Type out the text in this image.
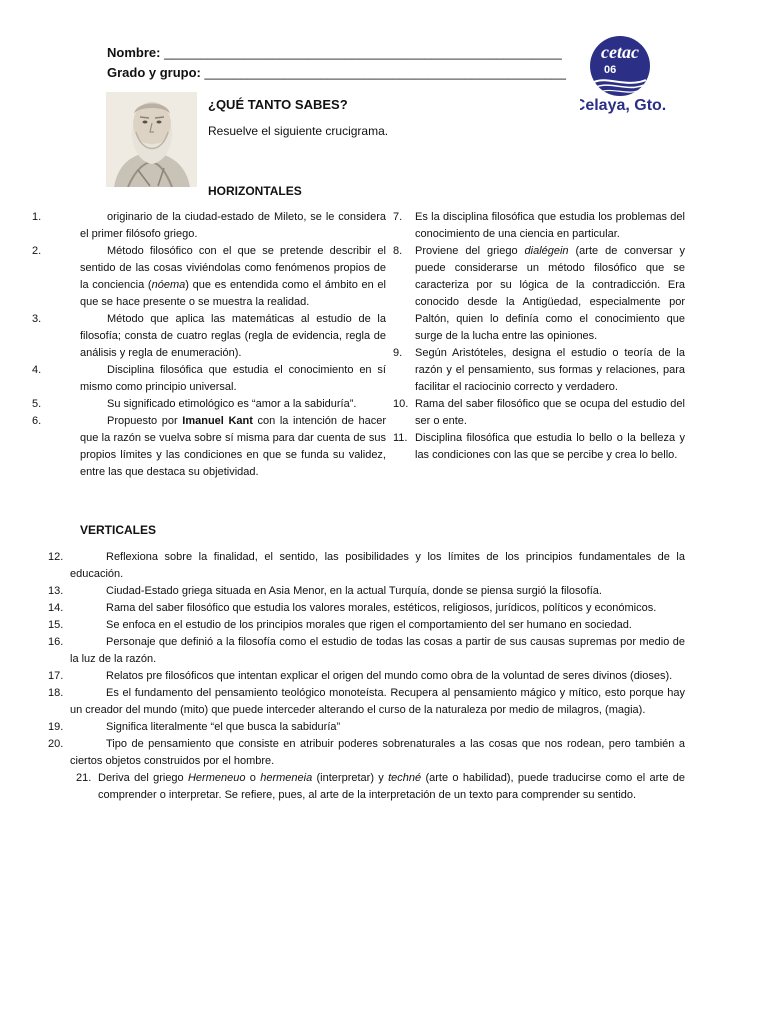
Nombre: _______________________________________________________
Grado y grupo: __________________________________________________
cetac
06
Celaya, Gto.
¿QUÉ TANTO SABES?
Resuelve el siguiente crucigrama.
HORIZONTALES
1.	originario de la ciudad-estado de Mileto, se le considera el primer filósofo griego.
2.	Método filosófico con el que se pretende describir el sentido de las cosas viviéndolas como fenómenos propios de la conciencia (nóema) que es entendida como el ámbito en el que se hace presente o se muestra la realidad.
3.	Método que aplica las matemáticas al estudio de la filosofía; consta de cuatro reglas (regla de evidencia, regla de análisis y regla de enumeración).
4.	Disciplina filosófica que estudia el conocimiento en sí mismo como principio universal.
5.	Su significado etimológico es “amor a la sabiduría”.
6.	Propuesto por Imanuel Kant con la intención de hacer que la razón se vuelva sobre sí misma para dar cuenta de sus propios límites y las condiciones en que se funda su validez, entre las que destaca su objetividad.
7.	Es la disciplina filosófica que estudia los problemas del conocimiento de una ciencia en particular.
8.	Proviene del griego dialégein (arte de conversar y puede considerarse un método filosófico que se caracteriza por su lógica de la contradicción. Era conocido desde la Antigüedad, especialmente por Paltón, quien lo definía como el conocimiento que surge de la lucha entre las opiniones.
9.	Según Aristóteles, designa el estudio o teoría de la razón y el pensamiento, sus formas y relaciones, para facilitar el raciocinio correcto y verdadero.
10. Rama del saber filosófico que se ocupa del estudio del ser o ente.
11. Disciplina filosófica que estudia lo bello o la belleza y las condiciones con las que se percibe y crea lo bello.
VERTICALES
12.	Reflexiona sobre la finalidad, el sentido, las posibilidades y los límites de los principios fundamentales de la educación.
13.	Ciudad-Estado griega situada en Asia Menor, en la actual Turquía, donde se piensa surgió la filosofía.
14.	Rama del saber filosófico que estudia los valores morales, estéticos, religiosos, jurídicos, políticos y económicos.
15.	Se enfoca en el estudio de los principios morales que rigen el comportamiento del ser humano en sociedad.
16.	Personaje que definió a la filosofía como el estudio de todas las cosas a partir de sus causas supremas por medio de la luz de la razón.
17.	Relatos pre filosóficos que intentan explicar el origen del mundo como obra de la voluntad de seres divinos (dioses).
18.	Es el fundamento del pensamiento teológico monoteísta. Recupera al pensamiento mágico y mítico, esto porque hay un creador del mundo (mito) que puede interceder alterando el curso de la naturaleza por medio de milagros, (magia).
19.	Significa literalmente “el que busca la sabiduría”
20.	Tipo de pensamiento que consiste en atribuir poderes sobrenaturales a las cosas que nos rodean, pero también a ciertos objetos construidos por el hombre.
21. Deriva del griego Hermeneuo o hermeneia (interpretar) y techné (arte o habilidad), puede traducirse como el arte de comprender o interpretar. Se refiere, pues, al arte de la interpretación de un texto para comprender su sentido.
